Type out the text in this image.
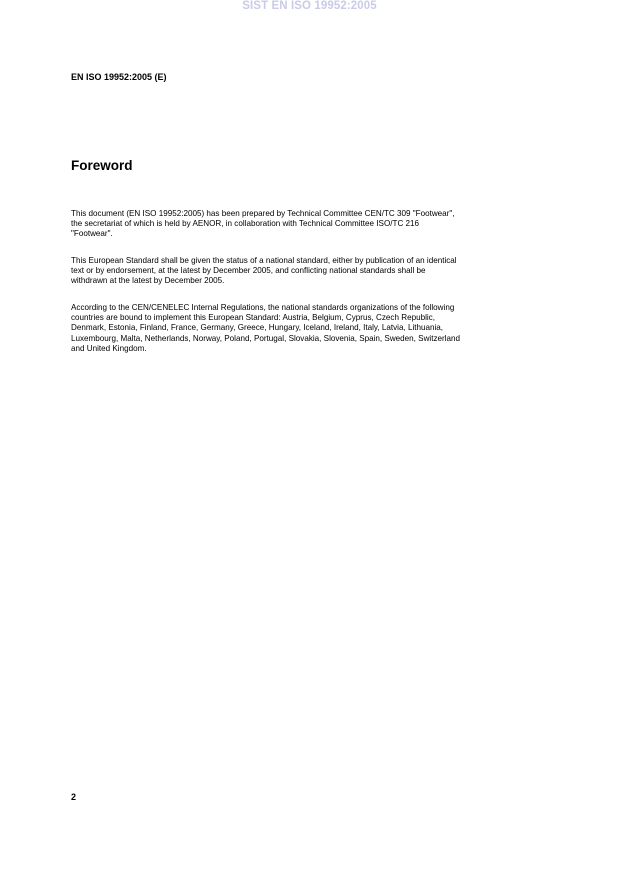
SIST EN ISO 19952:2005
EN ISO 19952:2005 (E)
Foreword
This document (EN ISO 19952:2005) has been prepared by Technical Committee CEN/TC 309 "Footwear",
the secretariat of which is held by AENOR, in collaboration with Technical Committee ISO/TC 216
"Footwear".
This European Standard shall be given the status of a national standard, either by publication of an identical
text or by endorsement, at the latest by December 2005, and conflicting national standards shall be
withdrawn at the latest by December 2005.
According to the CEN/CENELEC Internal Regulations, the national standards organizations of the following
countries are bound to implement this European Standard: Austria, Belgium, Cyprus, Czech Republic,
Denmark, Estonia, Finland, France, Germany, Greece, Hungary, Iceland, Ireland, Italy, Latvia, Lithuania,
Luxembourg, Malta, Netherlands, Norway, Poland, Portugal, Slovakia, Slovenia, Spain, Sweden, Switzerland
and United Kingdom.
2
